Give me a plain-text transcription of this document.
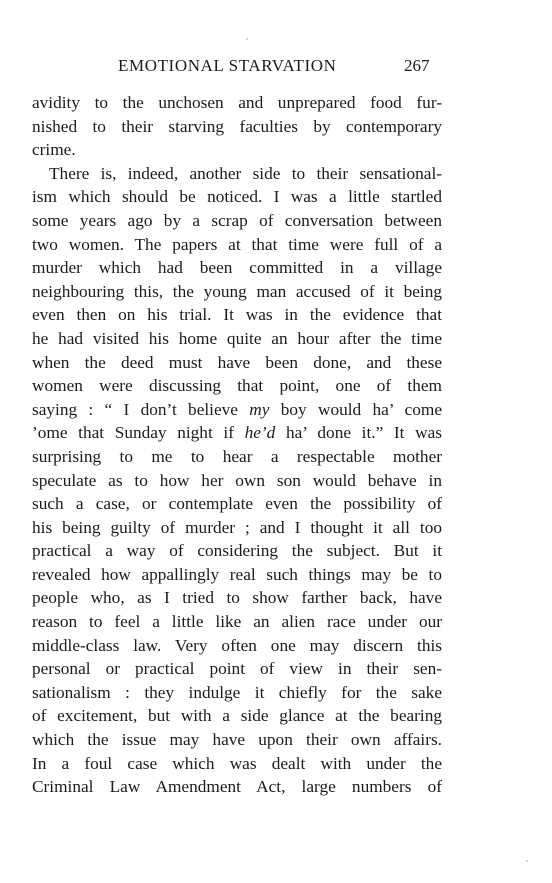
EMOTIONAL STARVATION	267
avidity to the unchosen and unprepared food fur-
nished to their starving faculties by contemporary
crime.
There is, indeed, another side to their sensational-
ism which should be noticed. I was a little startled
some years ago by a scrap of conversation between
two women. The papers at that time were full of a
murder which had been committed in a village
neighbouring this, the young man accused of it being
even then on his trial. It was in the evidence that
he had visited his home quite an hour after the time
when the deed must have been done, and these
women were discussing that point, one of them
saying : “ I don’t believe my boy would ha’ come
’ome that Sunday night if he’d ha’ done it.” It was
surprising to me to hear a respectable mother
speculate as to how her own son would behave in
such a case, or contemplate even the possibility of
his being guilty of murder ; and I thought it all too
practical a way of considering the subject. But it
revealed how appallingly real such things may be to
people who, as I tried to show farther back, have
reason to feel a little like an alien race under our
middle-class law. Very often one may discern this
personal or practical point of view in their sen-
sationalism : they indulge it chiefly for the sake
of excitement, but with a side glance at the bearing
which the issue may have upon their own affairs.
In a foul case which was dealt with under the
Criminal Law Amendment Act, large numbers of
